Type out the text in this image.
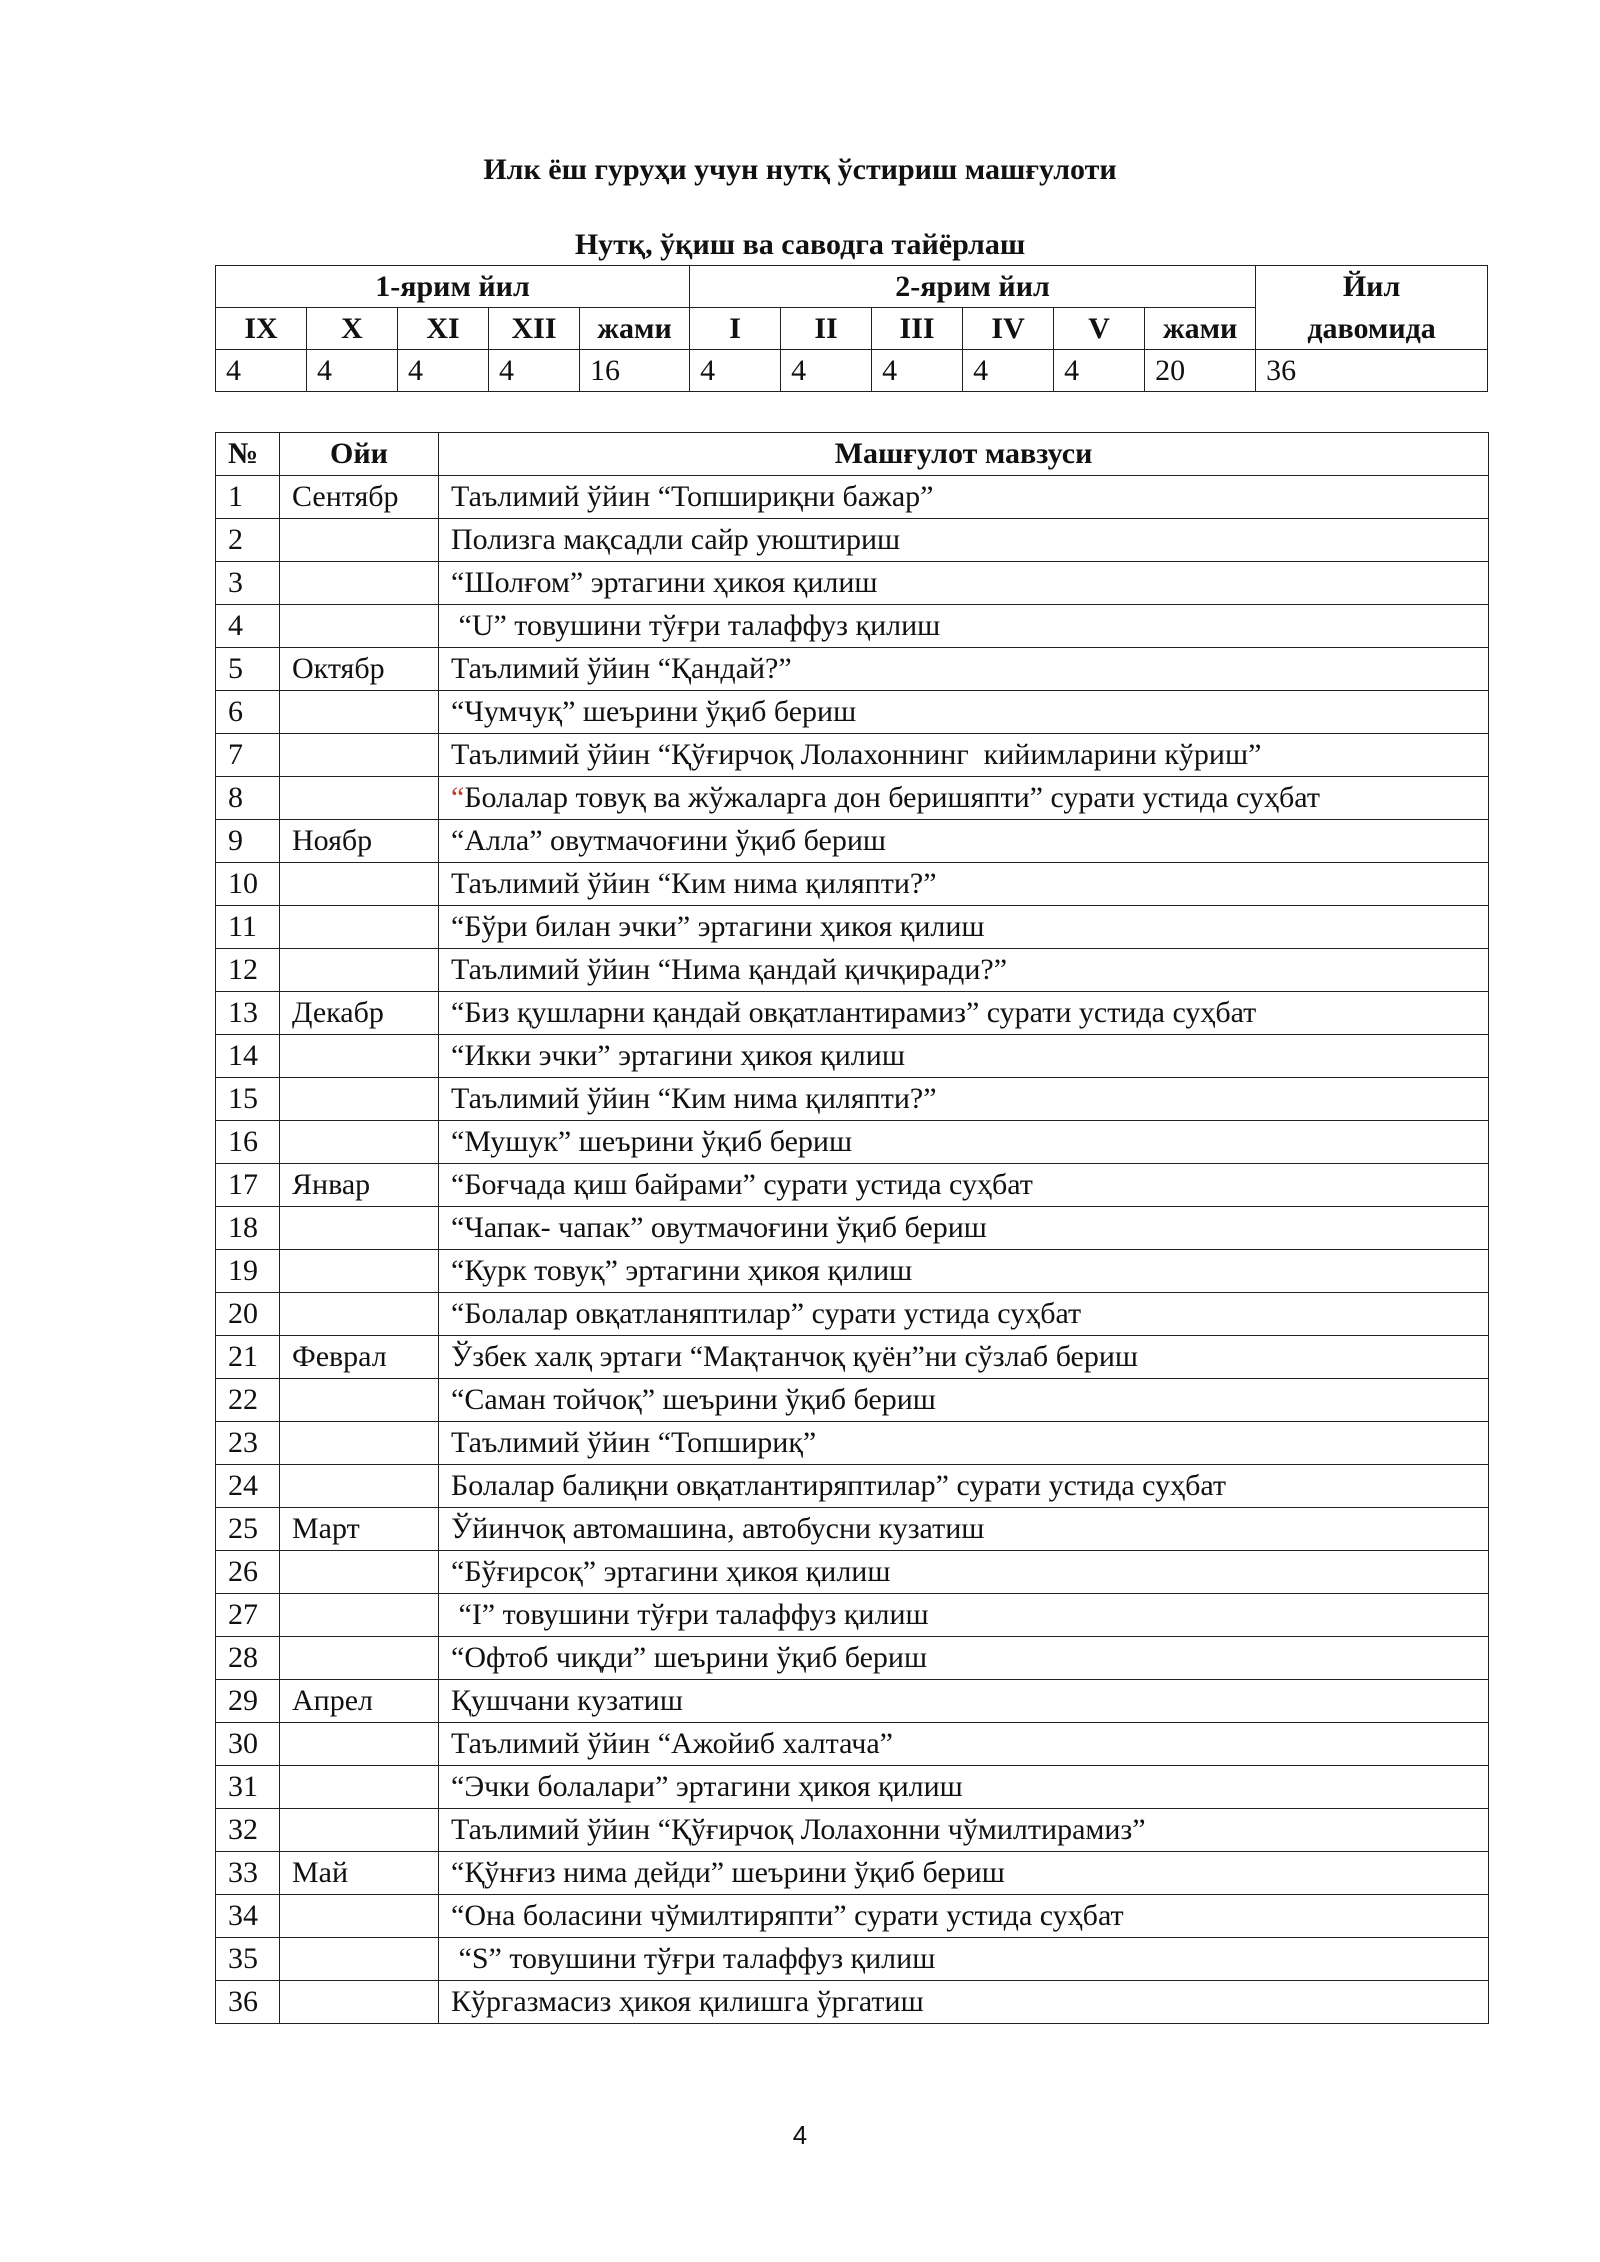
Илк ёш гуруҳи учун нутқ ўстириш машғулоти
Нутқ, ўқиш ва саводга тайёрлаш
1-ярим йил					2-ярим йил						Йил
IX	X	XI	XII	жами	I	II	III	IV	V	жами	давомида
4	4	4	4	16	4	4	4	4	4	20	36
№	Ойи	Машғулот мавзуси
1	Сентябр	Таълимий ўйин “Топшириқни бажар”
2		Полизга мақсадли сайр уюштириш
3		“Шолғом” эртагини ҳикоя қилиш
4		“U” товушини тўғри талаффуз қилиш
5	Октябр	Таълимий ўйин “Қандай?”
6		“Чумчуқ” шеърини ўқиб бериш
7		Таълимий ўйин “Қўғирчоқ Лолахоннинг  кийимларини кўриш”
8		“Болалар товуқ ва жўжаларга дон беришяпти” сурати устида суҳбат
9	Ноябр	“Алла” овутмачоғини ўқиб бериш
10		Таълимий ўйин “Ким нима қиляпти?”
11		“Бўри билан эчки” эртагини ҳикоя қилиш
12		Таълимий ўйин “Нима қандай қичқиради?”
13	Декабр	“Биз қушларни қандай овқатлантирамиз” сурати устида суҳбат
14		“Икки эчки” эртагини ҳикоя қилиш
15		Таълимий ўйин “Ким нима қиляпти?”
16		“Мушук” шеърини ўқиб бериш
17	Январ	“Боғчада қиш байрами” сурати устида суҳбат
18		“Чапак- чапак” овутмачоғини ўқиб бериш
19		“Курк товуқ” эртагини ҳикоя қилиш
20		“Болалар овқатланяптилар” сурати устида суҳбат
21	Феврал	Ўзбек халқ эртаги “Мақтанчоқ қуён”ни сўзлаб бериш
22		“Саман тойчоқ” шеърини ўқиб бериш
23		Таълимий ўйин “Топшириқ”
24		Болалар балиқни овқатлантиряптилар” сурати устида суҳбат
25	Март	Ўйинчоқ автомашина, автобусни кузатиш
26		“Бўғирсоқ” эртагини ҳикоя қилиш
27		“I” товушини тўғри талаффуз қилиш
28		“Офтоб чиқди” шеърини ўқиб бериш
29	Апрел	Қушчани кузатиш
30		Таълимий ўйин “Ажойиб халтача”
31		“Эчки болалари” эртагини ҳикоя қилиш
32		Таълимий ўйин “Қўғирчоқ Лолахонни чўмилтирамиз”
33	Май	“Қўнғиз нима дейди” шеърини ўқиб бериш
34		“Она боласини чўмилтиряпти” сурати устида суҳбат
35		“S” товушини тўғри талаффуз қилиш
36		Кўргазмасиз ҳикоя қилишга ўргатиш
4
